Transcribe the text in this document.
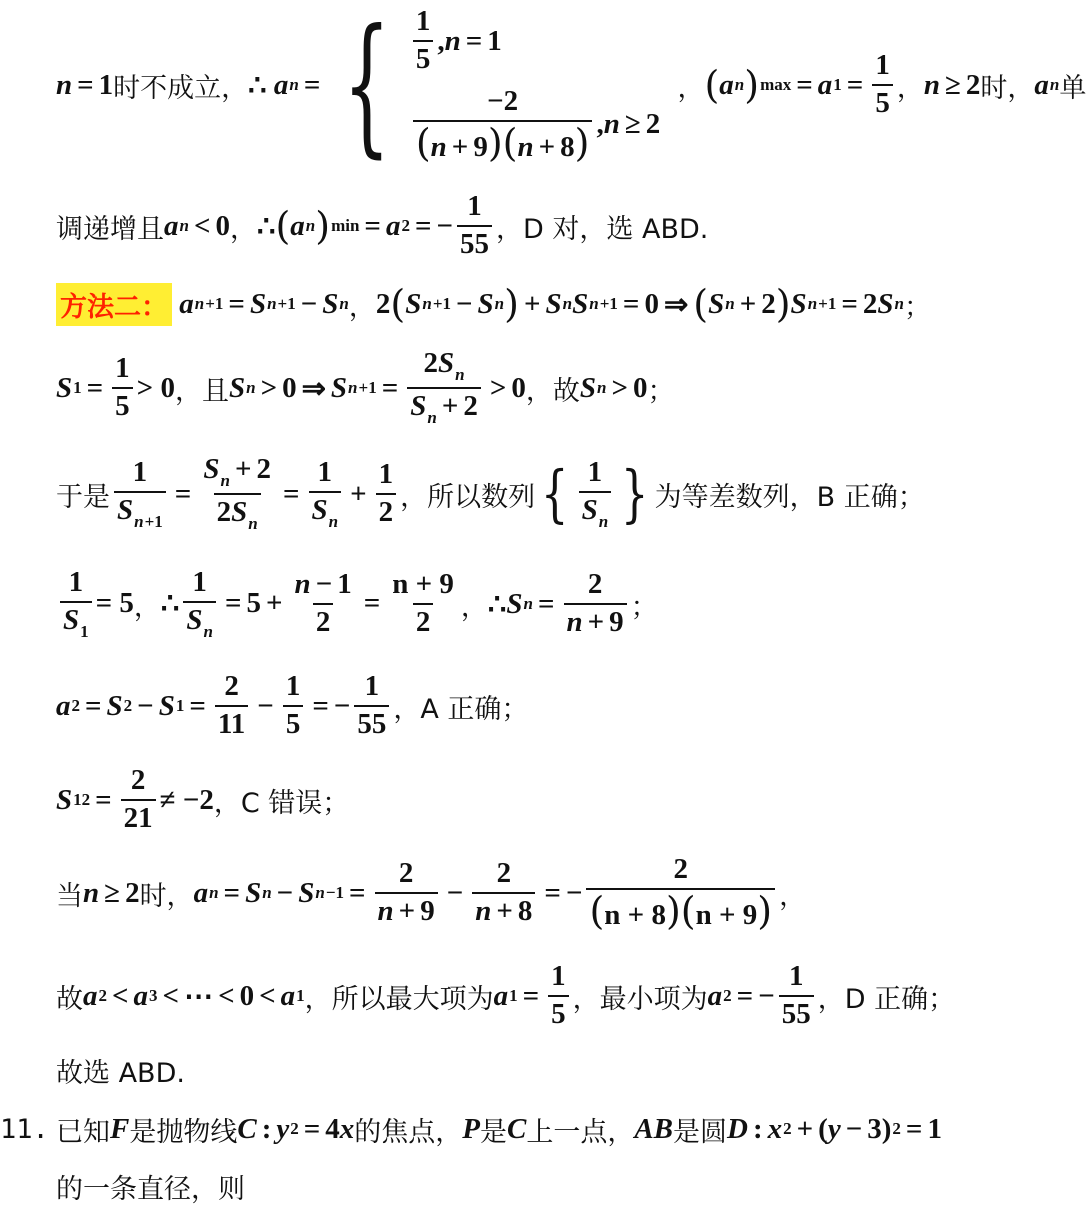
n = 1 时不成立， ∴ a n = { $\frac{1}{5} ,n = 1$
$\frac{-2}{(n + 9)(n + 8)} ,n \ge 2$
， ( a n ) max = a $1 = \frac{1}{5}$ ， n ≥ 2 时， a n 单
调递增且 a n < 0 ， ∴ ( a n ) min = a 2 = − $\frac{1}{55}$ ，D 对，选 ABD.
方法二：
a n +1 = S n +1 − S n ， 2 ( S n +1 − S n ) + S n S n +1 = 0 ⇒ ( S n + 2 ) S n +1 = 2 S n ；
S $1 = \frac{1}{5} > 0$ ，且 S n > 0 ⇒ S $n +1 = \frac{2S_n}{S_n + 2} > 0$ ，故 S n > 0 ；
于是 $\frac{1}{S_{n+1}} = \frac{S_n + 2}{2S_n} = \frac{1}{S_n} + \frac{1}{2}$ ，所以数列 { $\frac{1}{S_n}$ } 为等差数列，B 正确；
$\frac{1}{S_1} = 5$ ， ∴ $\frac{1}{S_n} = 5 + \frac{n - 1}{2} = \frac{n + 9}{2}$ ， ∴ S $n = \frac{2}{n + 9}$ ；
a 2 = S 2 − S $1 = \frac{2}{11} - \frac{1}{5}$ = − $\frac{1}{55}$ ，A 正确；
S $12 = \frac{2}{21} \ne -2$ ，C 错误；
当 n ≥ 2 时， a n = S n − S $n -1 = \frac{2}{n + 9} - \frac{2}{n + 8}$ = − $\frac{2}{(n + 8)(n + 9)}$ ，
故 a 2 < a 3 < ⋯ < 0 < a 1 ，所以最大项为 a $1 = \frac{1}{5}$ ，最小项为 a 2 = − $\frac{1}{55}$ ，D 正确；
故选 ABD.
11. 已知 F 是抛物线 C : y 2 = 4 x 的焦点， P 是 C 上一点， AB 是圆 D : x 2 + ( y − 3) 2 = 1
的一条直径，则
